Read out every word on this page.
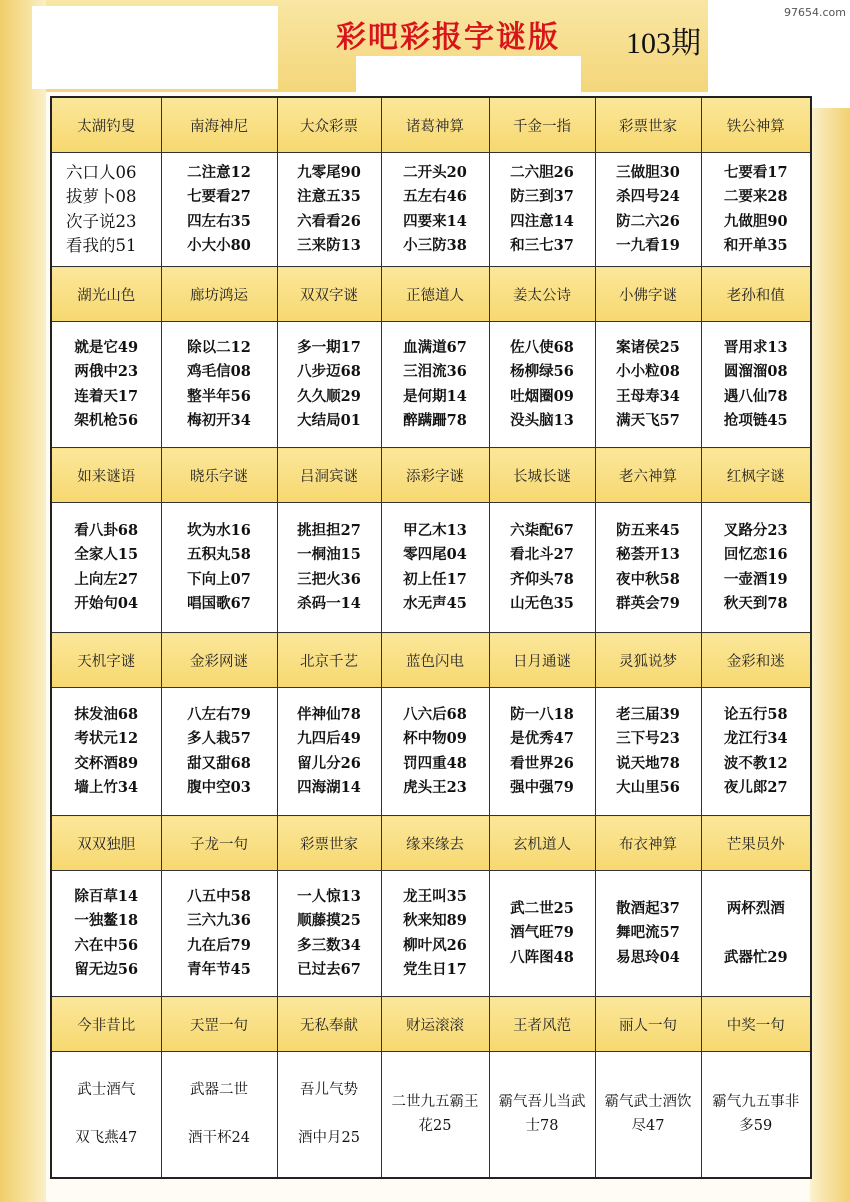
彩吧彩报字谜版 103期
97654.com
太湖钓叟	南海神尼	大众彩票	诸葛神算	千金一指	彩票世家	铁公神算

六口人06
拔萝卜08
次子说23
看我的51	二注意12
七要看27
四左右35
小大小80	九零尾90
注意五35
六看看26
三来防13	二开头20
五左右46
四要来14
小三防38	二六胆26
防三到37
四注意14
和三七37	三做胆30
杀四号24
防二六26
一九看19	七要看17
二要来28
九做胆90
和开单35

湖光山色	廊坊鸿运	双双字谜	正德道人	姜太公诗	小佛字谜	老孙和值

就是它49
两俄中23
连着天17
架机枪56	除以二12
鸡毛信08
整半年56
梅初开34	多一期17
八步迈68
久久顺29
大结局01	血满道67
三泪流36
是何期14
醉蹒跚78	佐八使68
杨柳绿56
吐烟圈09
没头脑13	案诸侯25
小小粒08
王母寿34
满天飞57	晋用求13
圆溜溜08
遇八仙78
抢项链45

如来谜语	晓乐字谜	吕洞宾谜	添彩字谜	长城长谜	老六神算	红枫字谜

看八卦68
全家人15
上向左27
开始句04	坎为水16
五积丸58
下向上07
唱国歌67	挑担担27
一桐油15
三把火36
杀码一14	甲乙木13
零四尾04
初上任17
水无声45	六柒配67
看北斗27
齐仰头78
山无色35	防五来45
秘荟开13
夜中秋58
群英会79	叉路分23
回忆恋16
一壶酒19
秋天到78

天机字谜	金彩网谜	北京千艺	蓝色闪电	日月通谜	灵狐说梦	金彩和迷

抹发油68
考状元12
交杯酒89
墙上竹34	八左右79
多人栽57
甜又甜68
腹中空03	伴神仙78
九四后49
留儿分26
四海湖14	八六后68
杯中物09
罚四重48
虎头王23	防一八18
是优秀47
看世界26
强中强79	老三届39
三下号23
说天地78
大山里56	论五行58
龙江行34
波不教12
夜儿郎27

双双独胆	子龙一句	彩票世家	缘来缘去	玄机道人	布衣神算	芒果员外

除百草14
一独鳌18
六在中56
留无边56	八五中58
三六九36
九在后79
青年节45	一人惊13
顺藤摸25
多三数34
已过去67	龙王叫35
秋来知89
柳叶风26
党生日17	武二世25
酒气旺79
八阵图48	散酒起37
舞吧流57
易思玲04	两杯烈酒
武器忙29

今非昔比	天罡一句	无私奉献	财运滚滚	王者风范	丽人一句	中奖一句

武士酒气
双飞燕47	武器二世
酒干杯24	吾儿气势
酒中月25	二世九五霸王花25	霸气吾儿当武士78	霸气武士酒饮尽47	霸气九五事非多59
